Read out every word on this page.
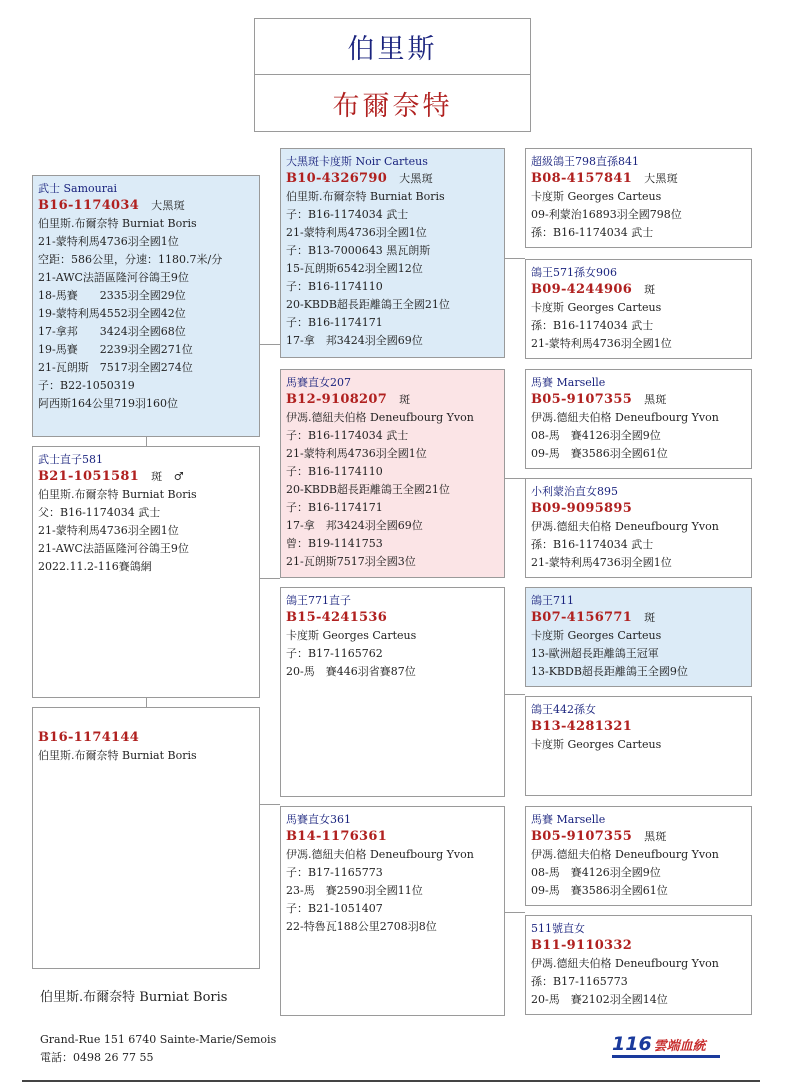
伯里斯
布爾奈特
武士 Samourai
B16-1174034 大黑斑
伯里斯.布爾奈特 Burniat Boris
21-蒙特利馬4736羽全國1位
空距：586公里，分速：1180.7米/分
21-AWC法語區隆河谷鴿王9位
18-馬賽　　2335羽全國29位
19-蒙特利馬4552羽全國42位
17-拿邦　　3424羽全國68位
19-馬賽　　2239羽全國271位
21-瓦朗斯　7517羽全國274位
子：B22-1050319
阿西斯164公里719羽160位
武士直子581
B21-1051581 斑　♂
伯里斯.布爾奈特 Burniat Boris
父：B16-1174034 武士
21-蒙特利馬4736羽全國1位
21-AWC法語區隆河谷鴿王9位
2022.11.2-116賽鴿網
B16-1174144
伯里斯.布爾奈特 Burniat Boris
大黑斑卡度斯 Noir Carteus
B10-4326790 大黑斑
伯里斯.布爾奈特 Burniat Boris
子：B16-1174034 武士
21-蒙特利馬4736羽全國1位
子：B13-7000643 黑瓦朗斯
15-瓦朗斯6542羽全國12位
子：B16-1174110
20-KBDB超長距離鴿王全國21位
子：B16-1174171
17-拿　邦3424羽全國69位
馬賽直女207
B12-9108207 斑
伊馮.德紐夫伯格 Deneufbourg Yvon
子：B16-1174034 武士
21-蒙特利馬4736羽全國1位
子：B16-1174110
20-KBDB超長距離鴿王全國21位
子：B16-1174171
17-拿　邦3424羽全國69位
曾：B19-1141753
21-瓦朗斯7517羽全國3位
鴿王771直子
B15-4241536
卡度斯 Georges Carteus
子：B17-1165762
20-馬　賽446羽省賽87位
馬賽直女361
B14-1176361
伊馮.德紐夫伯格 Deneufbourg Yvon
子：B17-1165773
23-馬　賽2590羽全國11位
子：B21-1051407
22-特魯瓦188公里2708羽8位
超級鴿王798直孫841
B08-4157841 大黑斑
卡度斯 Georges Carteus
09-利蒙治16893羽全國798位
孫：B16-1174034 武士
鴿王571孫女906
B09-4244906 斑
卡度斯 Georges Carteus
孫：B16-1174034 武士
21-蒙特利馬4736羽全國1位
馬賽 Marselle
B05-9107355 黑斑
伊馮.德紐夫伯格 Deneufbourg Yvon
08-馬　賽4126羽全國9位
09-馬　賽3586羽全國61位
小利蒙治直女895
B09-9095895
伊馮.德紐夫伯格 Deneufbourg Yvon
孫：B16-1174034 武士
21-蒙特利馬4736羽全國1位
鴿王711
B07-4156771 斑
卡度斯 Georges Carteus
13-歐洲超長距離鴿王冠軍
13-KBDB超長距離鴿王全國9位
鴿王442孫女
B13-4281321
卡度斯 Georges Carteus
馬賽 Marselle
B05-9107355 黑斑
伊馮.德紐夫伯格 Deneufbourg Yvon
08-馬　賽4126羽全國9位
09-馬　賽3586羽全國61位
511號直女
B11-9110332
伊馮.德紐夫伯格 Deneufbourg Yvon
孫：B17-1165773
20-馬　賽2102羽全國14位
伯里斯.布爾奈特 Burniat Boris
Grand-Rue 151 6740 Sainte-Marie/Semois
電話：0498 26 77 55
116 雲端血統
